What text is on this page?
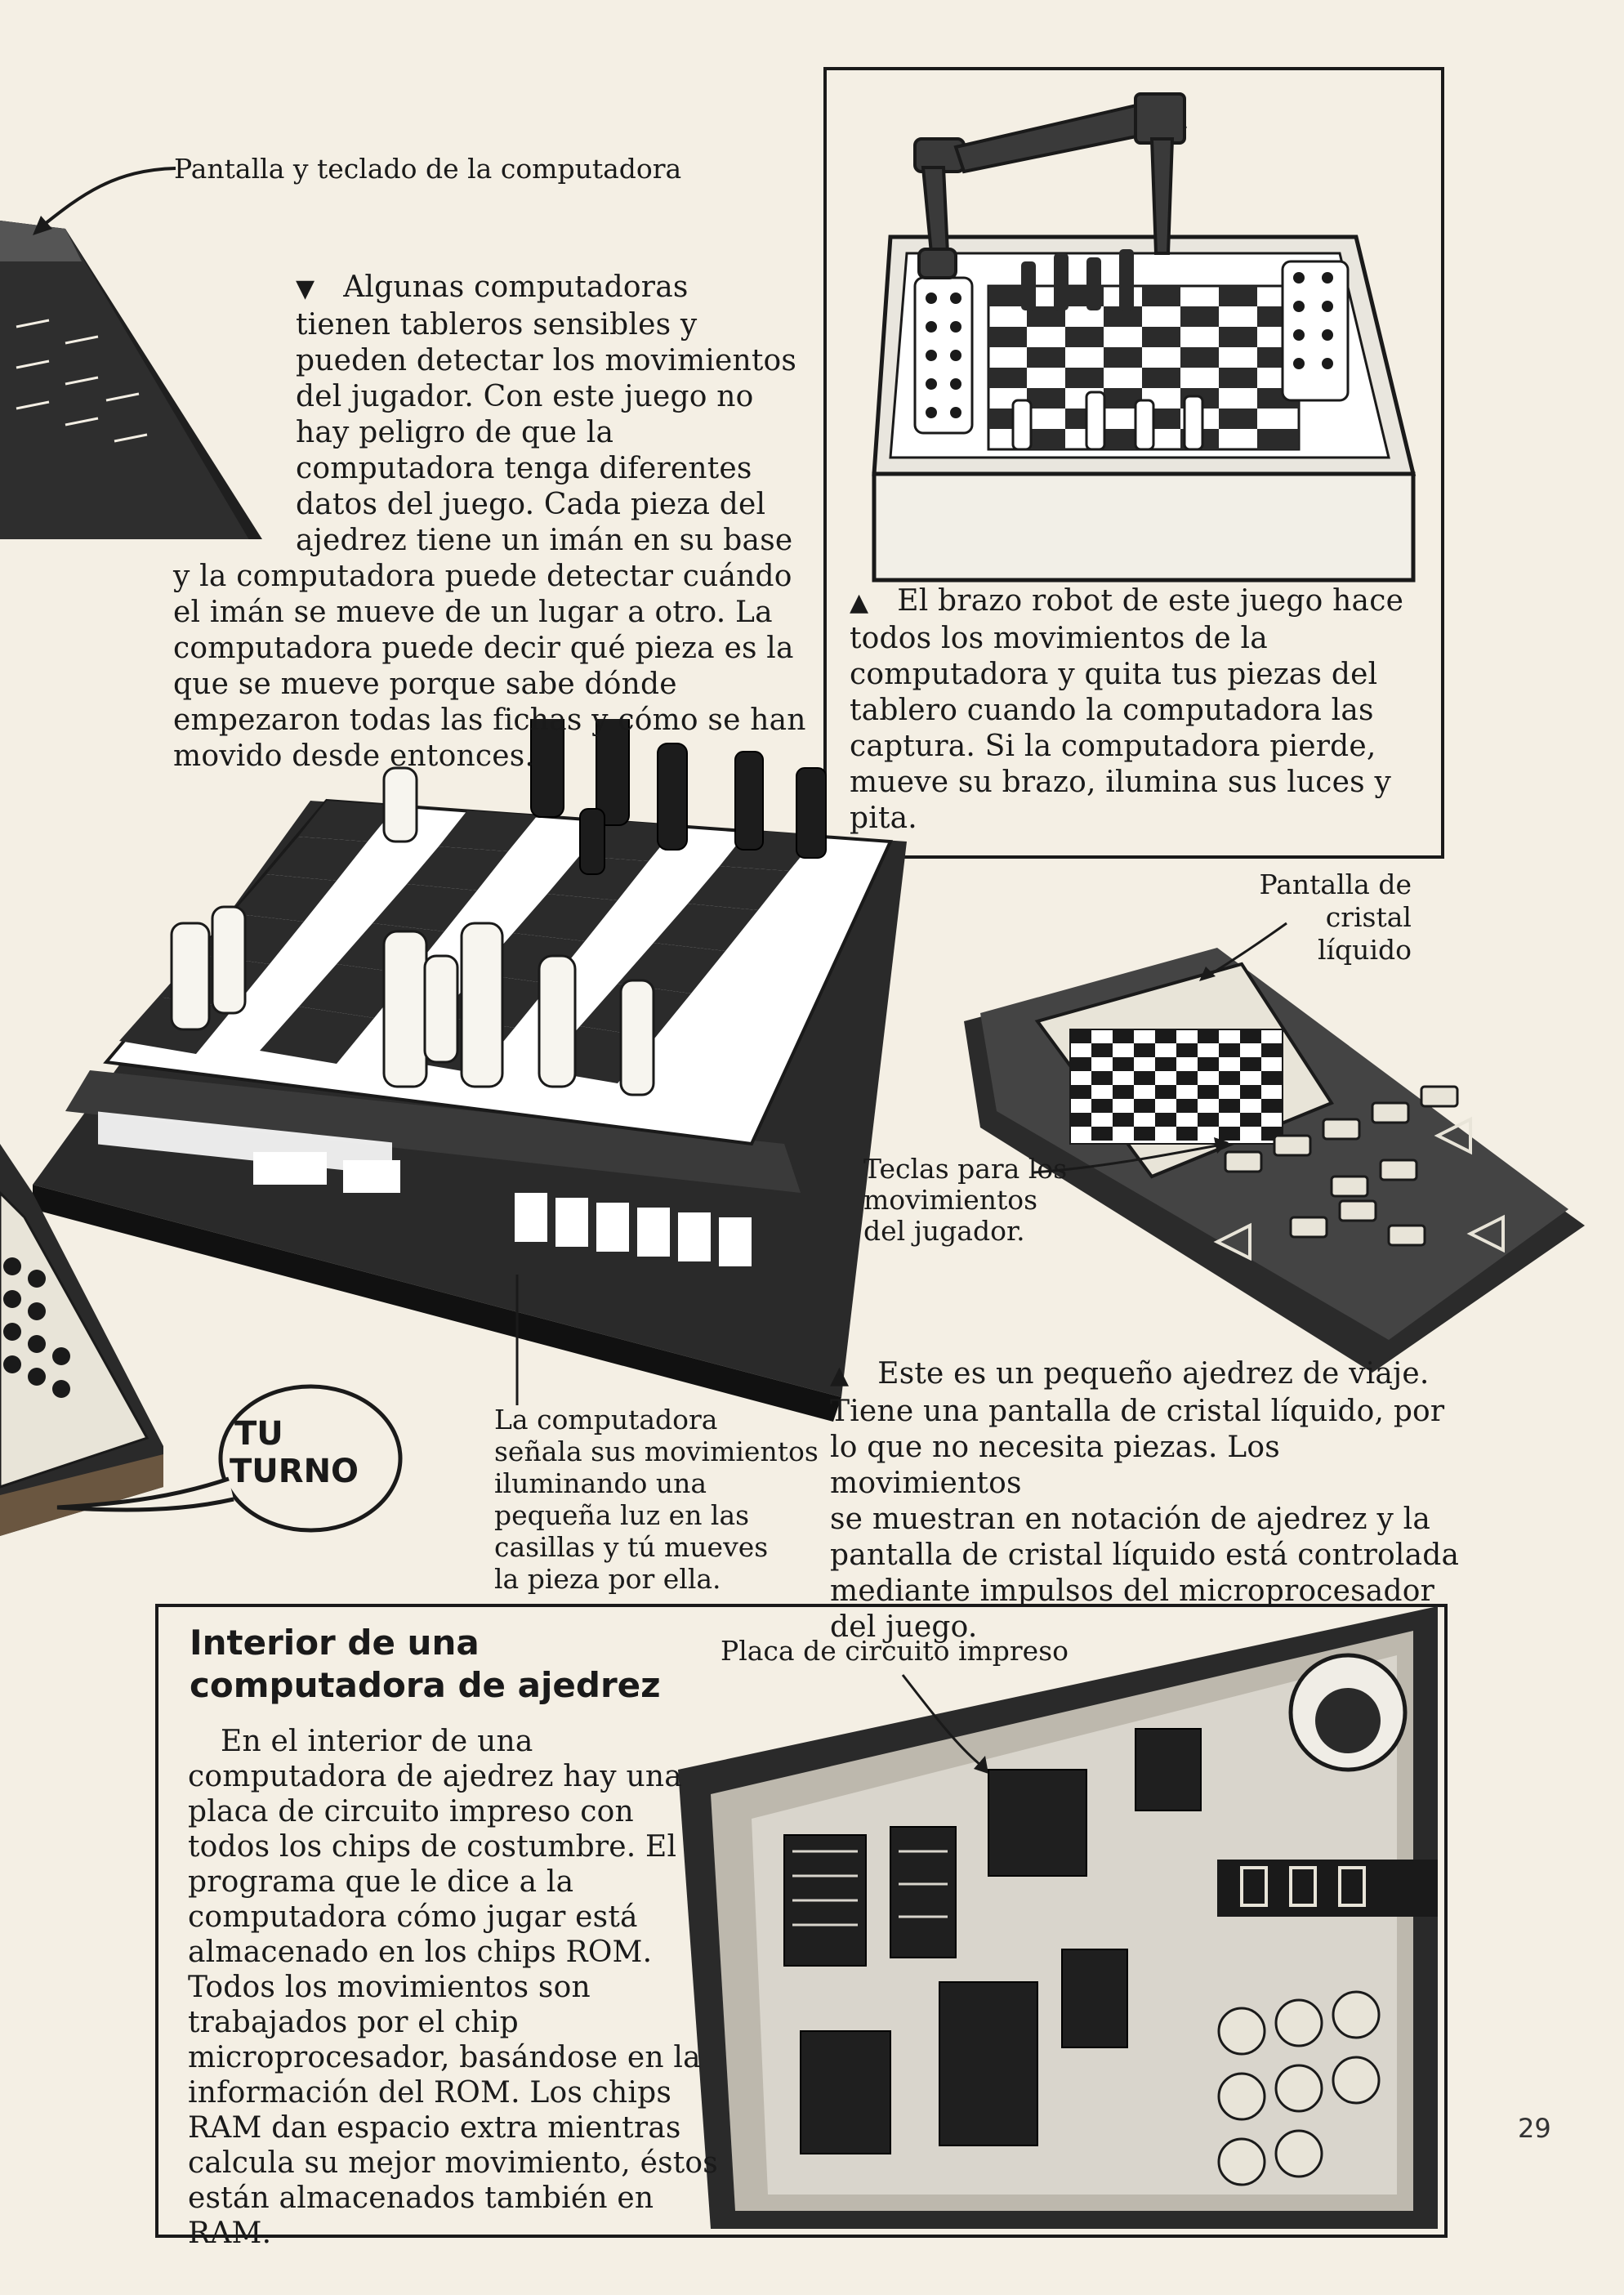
TU
TURNO
Pantalla y teclado de la computadora
▼ Algunas computadoras
tienen tableros sensibles y
pueden detectar los movimientos
del jugador. Con este juego no
hay peligro de que la
computadora tenga diferentes
datos del juego. Cada pieza del
ajedrez tiene un imán en su base
y la computadora puede detectar cuándo
el imán se mueve de un lugar a otro. La
computadora puede decir qué pieza es la
que se mueve porque sabe dónde
empezaron todas las fichas y cómo se han
movido desde entonces.
▲ El brazo robot de este juego hace
todos los movimientos de la
computadora y quita tus piezas del
tablero cuando la computadora las
captura. Si la computadora pierde,
mueve su brazo, ilumina sus luces y
pita.
Pantalla de cristal
líquido
Teclas para los
movimientos
del jugador.
La computadora
señala sus movimientos
iluminando una
pequeña luz en las
casillas y tú mueves
la pieza por ella.
▲ Este es un pequeño ajedrez de viaje.
Tiene una pantalla de cristal líquido, por
lo que no necesita piezas. Los movimientos
se muestran en notación de ajedrez y la
pantalla de cristal líquido está controlada
mediante impulsos del microprocesador
del juego.
Interior de una
computadora de ajedrez
Placa de circuito impreso
En el interior de una
computadora de ajedrez hay una
placa de circuito impreso con
todos los chips de costumbre. El
programa que le dice a la
computadora cómo jugar está
almacenado en los chips ROM.
Todos los movimientos son
trabajados por el chip
microprocesador, basándose en la
información del ROM. Los chips
RAM dan espacio extra mientras
calcula su mejor movimiento, éstos
están almacenados también en RAM.
29
